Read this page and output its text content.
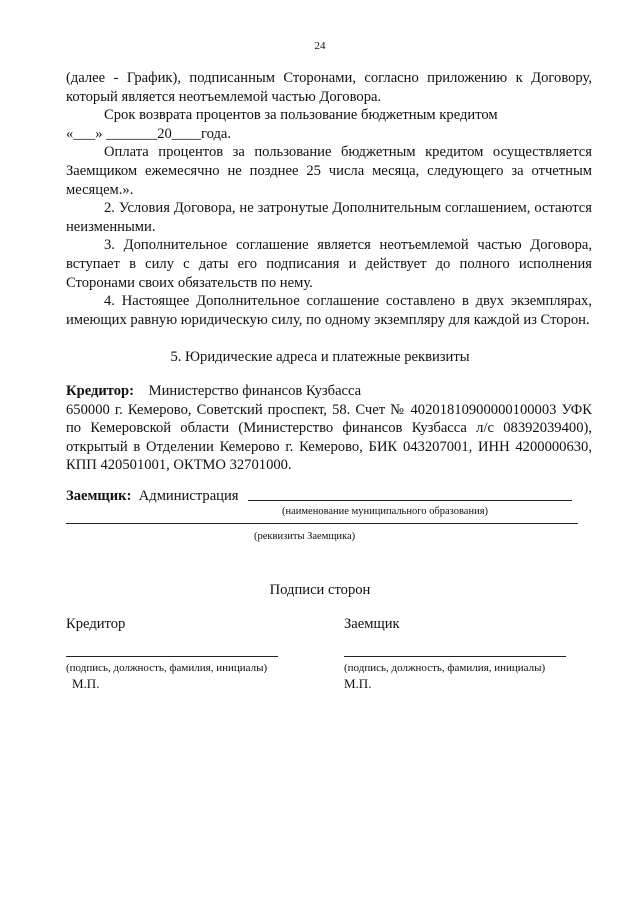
24

(далее - График), подписанным Сторонами, согласно приложению к Договору, который является неотъемлемой частью Договора.

Срок возврата процентов за пользование бюджетным кредитом

«___» _______20____года.

Оплата процентов за пользование бюджетным кредитом осуществляется Заемщиком ежемесячно не позднее 25 числа месяца, следующего за отчетным месяцем.».

2. Условия Договора, не затронутые Дополнительным соглашением, остаются неизменными.

3. Дополнительное соглашение является неотъемлемой частью Договора, вступает в силу с даты его подписания и действует до полного исполнения Сторонами своих обязательств по нему.

4. Настоящее Дополнительное соглашение составлено в двух экземплярах, имеющих равную юридическую силу, по одному экземпляру для каждой из Сторон.

5. Юридические адреса и платежные реквизиты

Кредитор: Министерство финансов Кузбасса

650000 г. Кемерово, Советский проспект, 58. Счет № 40201810900000100003 УФК по Кемеровской области (Министерство финансов Кузбасса л/с 08392039400), открытый в Отделении Кемерово г. Кемерово, БИК 043207001, ИНН 4200000630, КПП 420501001, ОКТМО 32701000.

Заемщик: Администрация
(наименование муниципального образования)
(реквизиты Заемщика)
Подписи сторон
Кредитор	Заемщик
(подпись, должность, фамилия, инициалы)	(подпись, должность, фамилия, инициалы)
М.П.	М.П.
